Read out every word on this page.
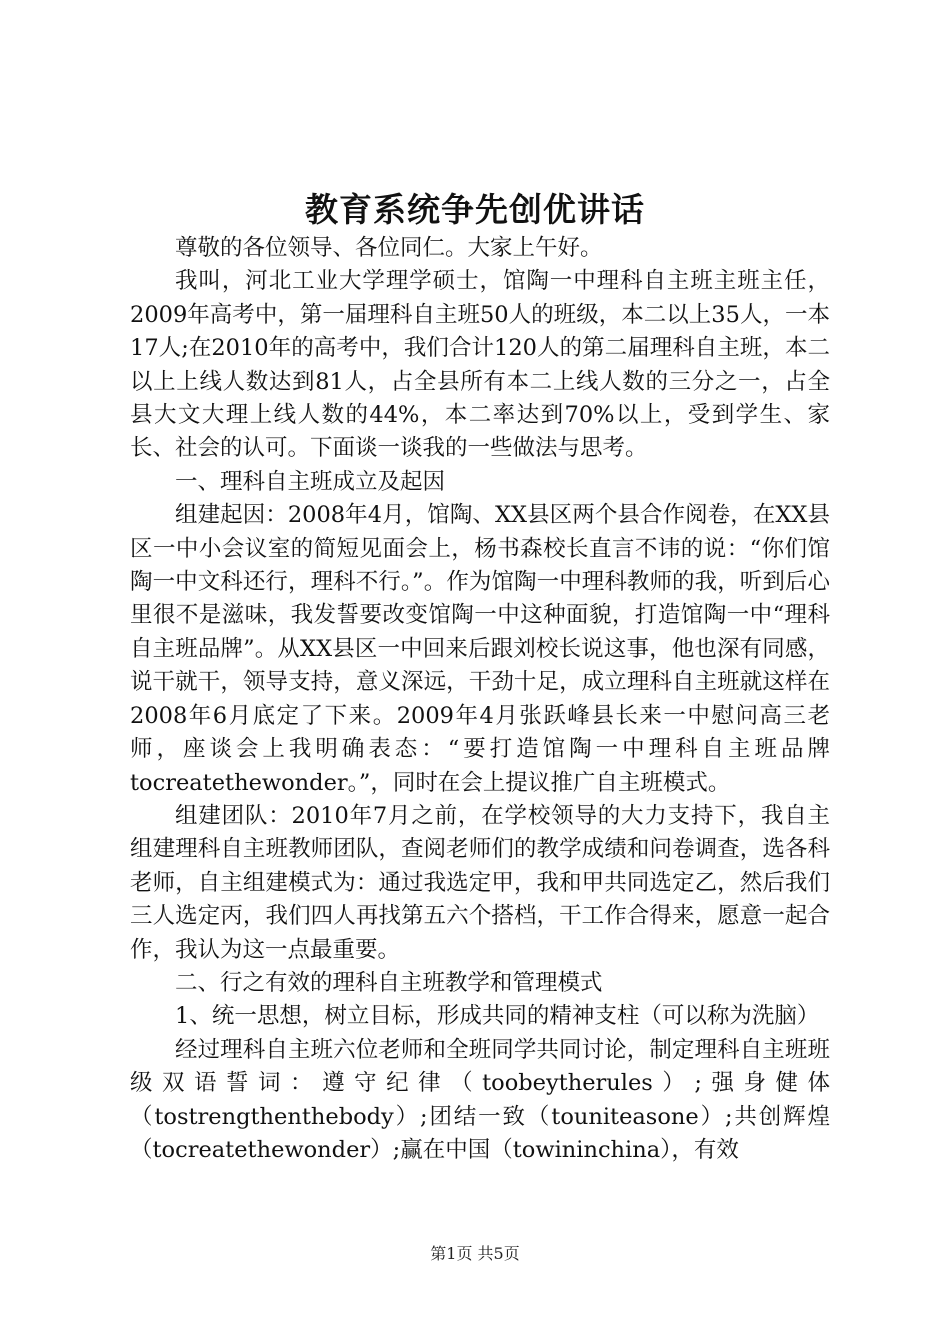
教育系统争先创优讲话

尊敬的各位领导、各位同仁。大家上午好。

我叫，河北工业大学理学硕士，馆陶一中理科自主班主班主任，2009年高考中，第一届理科自主班50人的班级，本二以上35人，一本17人;在2010年的高考中，我们合计120人的第二届理科自主班，本二以上上线人数达到81人，占全县所有本二上线人数的三分之一，占全县大文大理上线人数的44%，本二率达到70%以上，受到学生、家长、社会的认可。下面谈一谈我的一些做法与思考。

一、理科自主班成立及起因

组建起因：2008年4月，馆陶、XX县区两个县合作阅卷，在XX县区一中小会议室的简短见面会上，杨书森校长直言不讳的说：“你们馆陶一中文科还行，理科不行。”。作为馆陶一中理科教师的我，听到后心里很不是滋味，我发誓要改变馆陶一中这种面貌，打造馆陶一中“理科自主班品牌”。从XX县区一中回来后跟刘校长说这事，他也深有同感，说干就干，领导支持，意义深远，干劲十足，成立理科自主班就这样在2008年6月底定了下来。2009年4月张跃峰县长来一中慰问高三老师，座谈会上我明确表态：“要打造馆陶一中理科自主班品牌tocreatethewonder。”，同时在会上提议推广自主班模式。

组建团队：2010年7月之前，在学校领导的大力支持下，我自主组建理科自主班教师团队，查阅老师们的教学成绩和问卷调查，选各科老师，自主组建模式为：通过我选定甲，我和甲共同选定乙，然后我们三人选定丙，我们四人再找第五六个搭档，干工作合得来，愿意一起合作，我认为这一点最重要。

二、行之有效的理科自主班教学和管理模式

1、统一思想，树立目标，形成共同的精神支柱（可以称为洗脑）

经过理科自主班六位老师和全班同学共同讨论，制定理科自主班班级双语誓词：遵守纪律（toobeytherules）;强身健体（tostrengthenthebody）;团结一致（touniteasone）;共创辉煌（tocreatethewonder）;赢在中国（towininchina），有效

第1页 共5页
